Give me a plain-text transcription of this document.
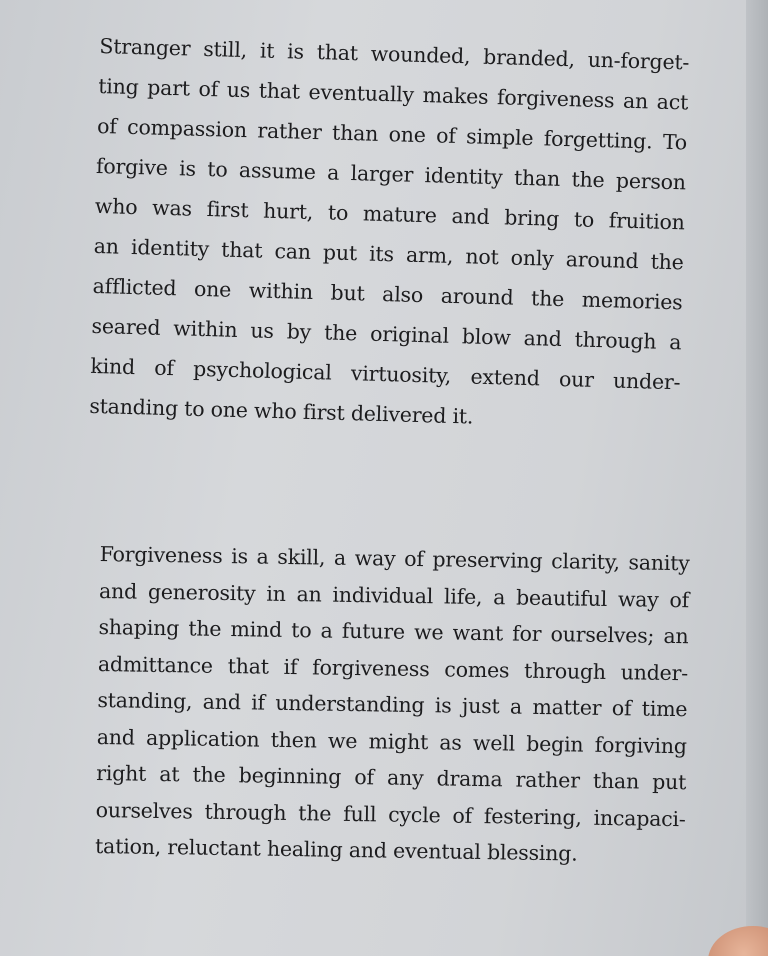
Stranger still, it is that wounded, branded, un-forget-
ting part of us that eventually makes forgiveness an act
of compassion rather than one of simple forgetting. To
forgive is to assume a larger identity than the person
who was first hurt, to mature and bring to fruition
an identity that can put its arm, not only around the
afflicted one within but also around the memories
seared within us by the original blow and through a
kind of psychological virtuosity, extend our under-
standing to one who first delivered it.
Forgiveness is a skill, a way of preserving clarity, sanity
and generosity in an individual life, a beautiful way of
shaping the mind to a future we want for ourselves; an
admittance that if forgiveness comes through under-
standing, and if understanding is just a matter of time
and application then we might as well begin forgiving
right at the beginning of any drama rather than put
ourselves through the full cycle of festering, incapaci-
tation, reluctant healing and eventual blessing.
